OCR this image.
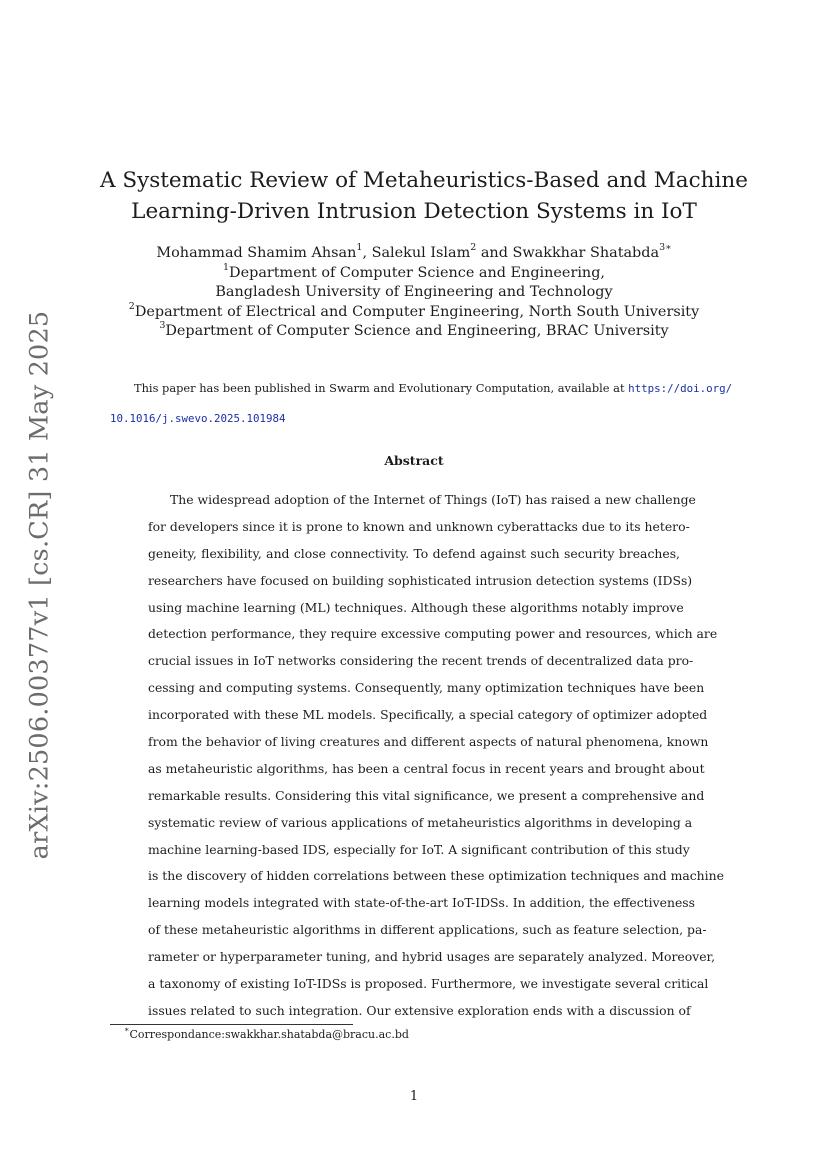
arXiv:2506.00377v1 [cs.CR] 31 May 2025
A Systematic Review of Metaheuristics-Based and Machine
Learning-Driven Intrusion Detection Systems in IoT
Mohammad Shamim Ahsan$^1$, Salekul Islam$^2$ and Swakkhar Shatabda$^{3∗}$
$^1$Department of Computer Science and Engineering,
Bangladesh University of Engineering and Technology
$^2$Department of Electrical and Computer Engineering, North South University
$^3$Department of Computer Science and Engineering, BRAC University
This paper has been published in Swarm and Evolutionary Computation, available at https://doi.org/
10.1016/j.swevo.2025.101984
Abstract
The widespread adoption of the Internet of Things (IoT) has raised a new challenge
for developers since it is prone to known and unknown cyberattacks due to its hetero-
geneity, flexibility, and close connectivity. To defend against such security breaches,
researchers have focused on building sophisticated intrusion detection systems (IDSs)
using machine learning (ML) techniques. Although these algorithms notably improve
detection performance, they require excessive computing power and resources, which are
crucial issues in IoT networks considering the recent trends of decentralized data pro-
cessing and computing systems. Consequently, many optimization techniques have been
incorporated with these ML models. Specifically, a special category of optimizer adopted
from the behavior of living creatures and different aspects of natural phenomena, known
as metaheuristic algorithms, has been a central focus in recent years and brought about
remarkable results. Considering this vital significance, we present a comprehensive and
systematic review of various applications of metaheuristics algorithms in developing a
machine learning-based IDS, especially for IoT. A significant contribution of this study
is the discovery of hidden correlations between these optimization techniques and machine
learning models integrated with state-of-the-art IoT-IDSs. In addition, the effectiveness
of these metaheuristic algorithms in different applications, such as feature selection, pa-
rameter or hyperparameter tuning, and hybrid usages are separately analyzed. Moreover,
a taxonomy of existing IoT-IDSs is proposed. Furthermore, we investigate several critical
issues related to such integration. Our extensive exploration ends with a discussion of
∗Correspondance:swakkhar.shatabda@bracu.ac.bd
1
